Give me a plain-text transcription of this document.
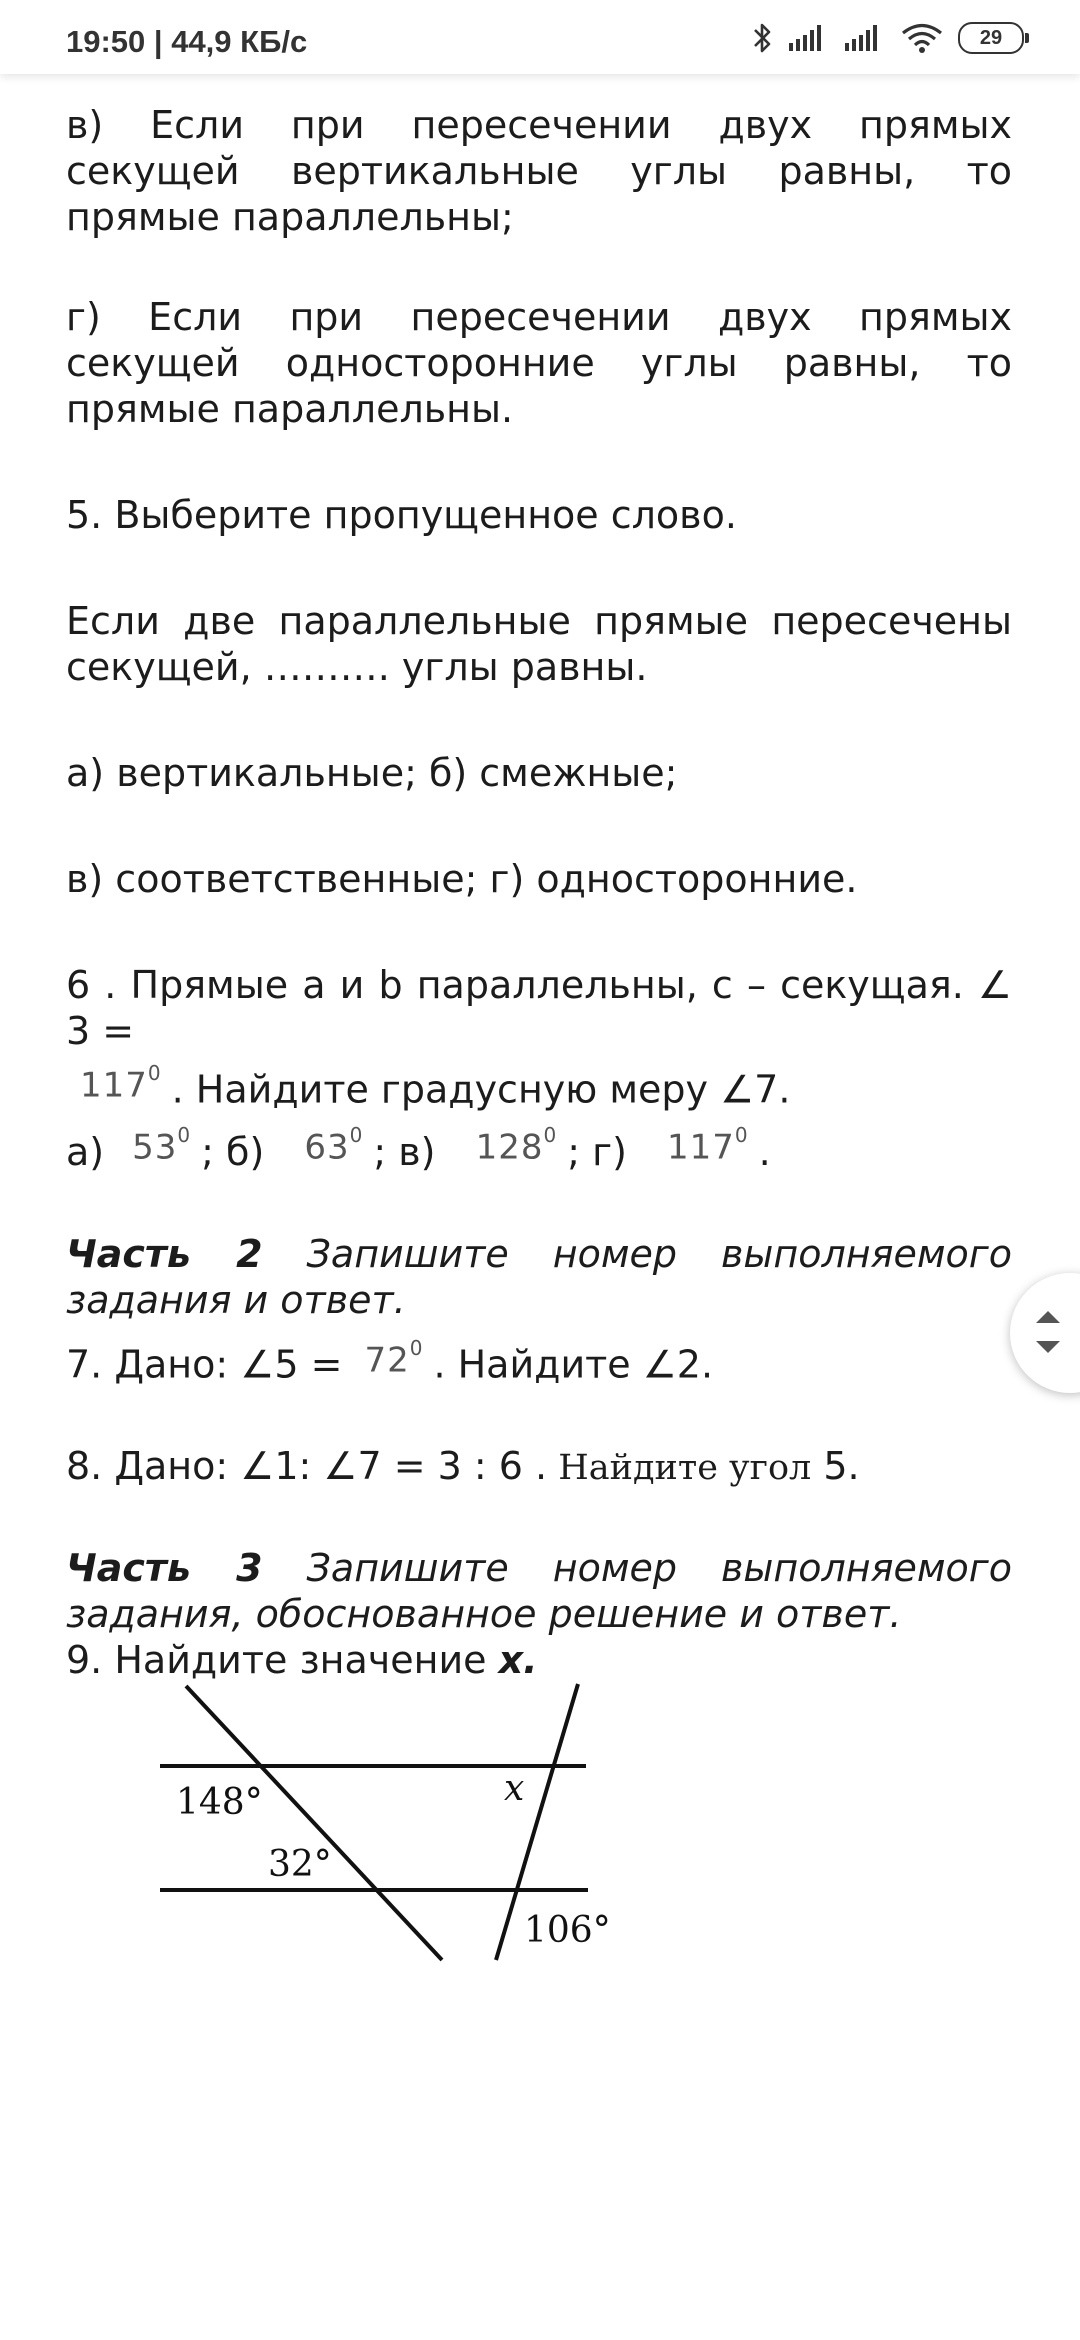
19:50 | 44,9 КБ/с	29

в) Если при пересечении двух прямых секущей вертикальные углы равны, то прямые параллельны;

г) Если при пересечении двух прямых секущей односторонние углы равны, то прямые параллельны.

5. Выберите пропущенное слово.

Если две параллельные прямые пересечены секущей, ………. углы равны.

а) вертикальные; б) смежные;

в) соответственные; г) односторонние.

6 . Прямые a и b параллельны, с – секущая. ∠ 3 =

$117^0$ . Найдите градусную меру ∠7.

а) $53^0$ ; б) $63^0$ ; в) $128^0$ ; г) $117^0$ .

Часть 2 Запишите номер выполняемого задания и ответ.

7. Дано: ∠5 = $72^0$ . Найдите ∠2.

8. Дано: ∠1: ∠7 = 3 : 6 . Найдите угол 5.

Часть 3 Запишите номер выполняемого задания, обоснованное решение и ответ.

9. Найдите значение x.

148°
32°
106°
x
